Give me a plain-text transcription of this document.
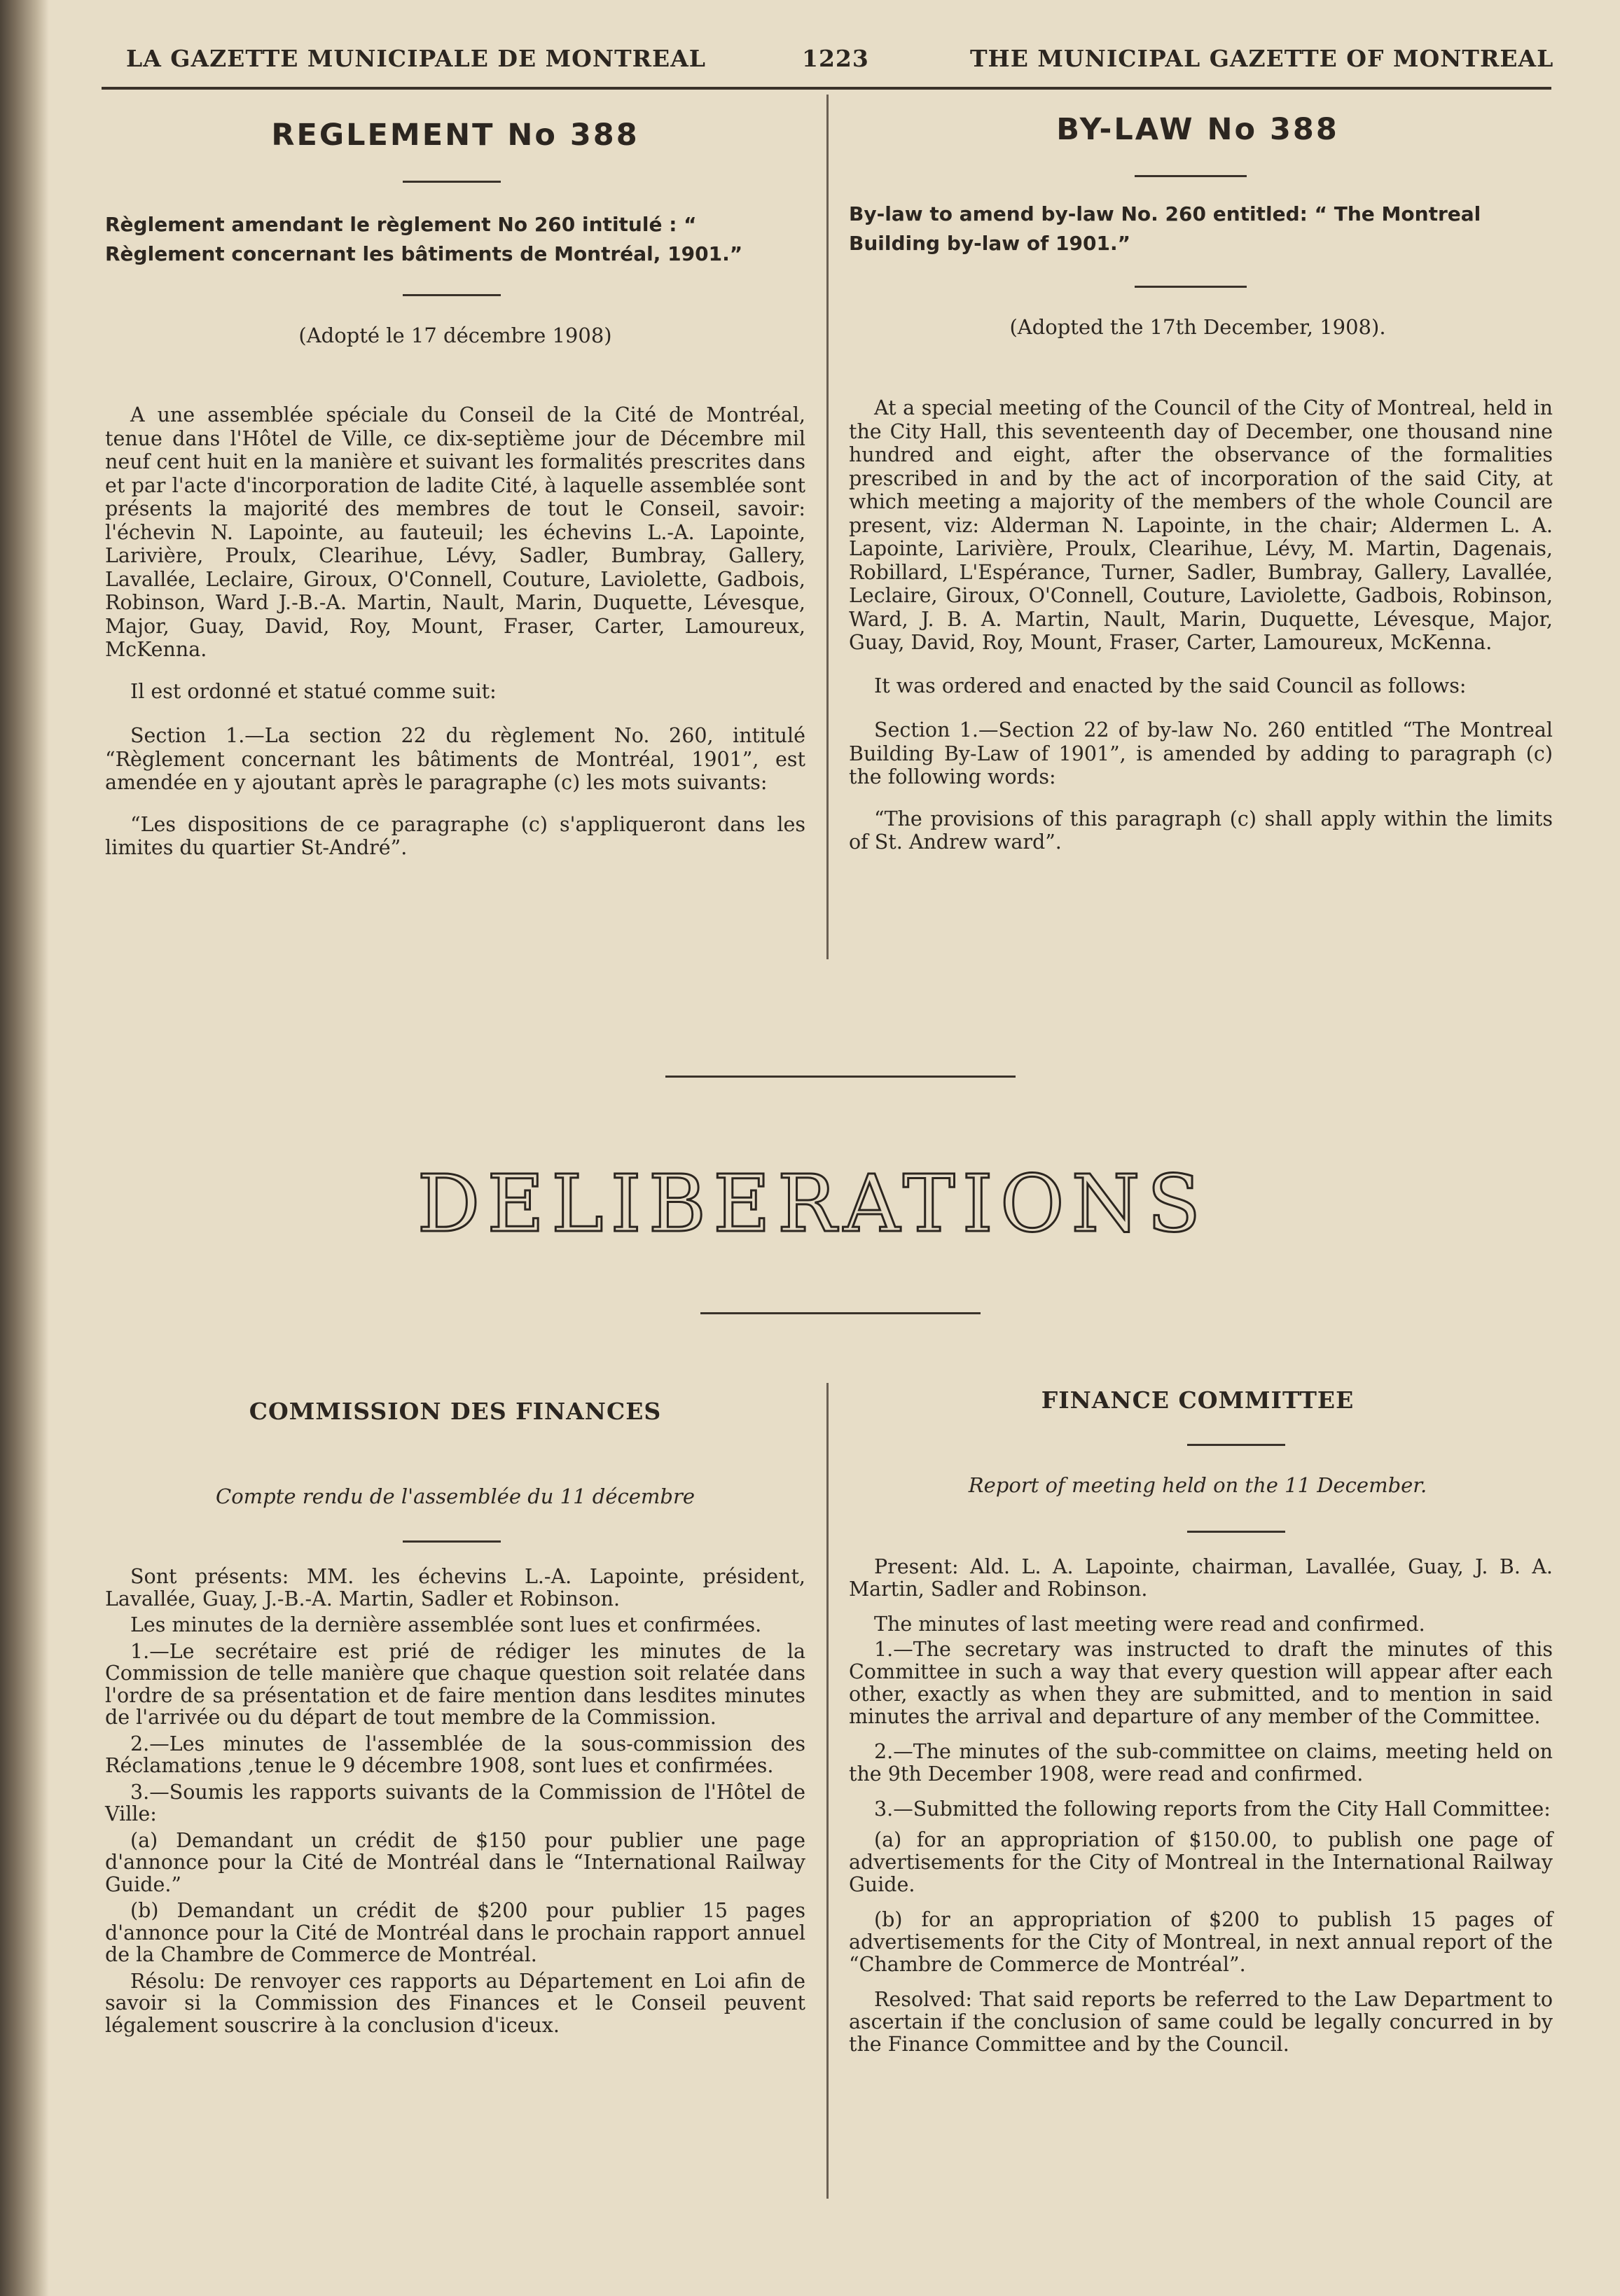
LA GAZETTE MUNICIPALE DE MONTREAL	1223	THE MUNICIPAL GAZETTE OF MONTREAL
REGLEMENT No 388
Règlement amendant le règlement No 260 intitulé : “ Règlement concernant les bâtiments de Montréal, 1901.”
(Adopté le 17 décembre 1908)

A une assemblée spéciale du Conseil de la Cité de Montréal, tenue dans l'Hôtel de Ville, ce dix-septième jour de Décembre mil neuf cent huit en la manière et suivant les formalités prescrites dans et par l'acte d'incorporation de ladite Cité, à laquelle assemblée sont présents la majorité des membres de tout le Conseil, savoir: l'échevin N. Lapointe, au fauteuil; les échevins L.-A. Lapointe, Larivière, Proulx, Clearihue, Lévy, Sadler, Bumbray, Gallery, Lavallée, Leclaire, Giroux, O'Connell, Couture, Laviolette, Gadbois, Robinson, Ward J.-B.-A. Martin, Nault, Marin, Duquette, Lévesque, Major, Guay, David, Roy, Mount, Fraser, Carter, Lamoureux, McKenna.

Il est ordonné et statué comme suit:

Section 1.—La section 22 du règlement No. 260, intitulé “Règlement concernant les bâtiments de Montréal, 1901”, est amendée en y ajoutant après le paragraphe (c) les mots suivants:

“Les dispositions de ce paragraphe (c) s'appliqueront dans les limites du quartier St-André”.

BY-LAW No 388
By-law to amend by-law No. 260 entitled: “ The Montreal Building by-law of 1901.”
(Adopted the 17th December, 1908).

At a special meeting of the Council of the City of Montreal, held in the City Hall, this seventeenth day of December, one thousand nine hundred and eight, after the observance of the formalities prescribed in and by the act of incorporation of the said City, at which meeting a majority of the members of the whole Council are present, viz: Alderman N. Lapointe, in the chair; Aldermen L. A. Lapointe, Larivière, Proulx, Clearihue, Lévy, M. Martin, Dagenais, Robillard, L'Espérance, Turner, Sadler, Bumbray, Gallery, Lavallée, Leclaire, Giroux, O'Connell, Couture, Laviolette, Gadbois, Robinson, Ward, J. B. A. Martin, Nault, Marin, Duquette, Lévesque, Major, Guay, David, Roy, Mount, Fraser, Carter, Lamoureux, McKenna.

It was ordered and enacted by the said Council as follows:

Section 1.—Section 22 of by-law No. 260 entitled “The Montreal Building By-Law of 1901”, is amended by adding to paragraph (c) the following words:

“The provisions of this paragraph (c) shall apply within the limits of St. Andrew ward”.

DELIBERATIONS
COMMISSION DES FINANCES
Compte rendu de l'assemblée du 11 décembre

Sont présents: MM. les échevins L.-A. Lapointe, président, Lavallée, Guay, J.-B.-A. Martin, Sadler et Robinson.

Les minutes de la dernière assemblée sont lues et confirmées.

1.—Le secrétaire est prié de rédiger les minutes de la Commission de telle manière que chaque question soit relatée dans l'ordre de sa présentation et de faire mention dans lesdites minutes de l'arrivée ou du départ de tout membre de la Commission.

2.—Les minutes de l'assemblée de la sous-commission des Réclamations ,tenue le 9 décembre 1908, sont lues et confirmées.

3.—Soumis les rapports suivants de la Commission de l'Hôtel de Ville:

(a) Demandant un crédit de $150 pour publier une page d'annonce pour la Cité de Montréal dans le “International Railway Guide.”

(b) Demandant un crédit de $200 pour publier 15 pages d'annonce pour la Cité de Montréal dans le prochain rapport annuel de la Chambre de Commerce de Montréal.

Résolu: De renvoyer ces rapports au Département en Loi afin de savoir si la Commission des Finances et le Conseil peuvent légalement souscrire à la conclusion d'iceux.

FINANCE COMMITTEE
Report of meeting held on the 11 December.

Present: Ald. L. A. Lapointe, chairman, Lavallée, Guay, J. B. A. Martin, Sadler and Robinson.

The minutes of last meeting were read and confirmed.

1.—The secretary was instructed to draft the minutes of this Committee in such a way that every question will appear after each other, exactly as when they are submitted, and to mention in said minutes the arrival and departure of any member of the Committee.

2.—The minutes of the sub-committee on claims, meeting held on the 9th December 1908, were read and confirmed.

3.—Submitted the following reports from the City Hall Committee:

(a) for an appropriation of $150.00, to publish one page of advertisements for the City of Montreal in the International Railway Guide.

(b) for an appropriation of $200 to publish 15 pages of advertisements for the City of Montreal, in next annual report of the “Chambre de Commerce de Montréal”.

Resolved: That said reports be referred to the Law Department to ascertain if the conclusion of same could be legally concurred in by the Finance Committee and by the Council.
